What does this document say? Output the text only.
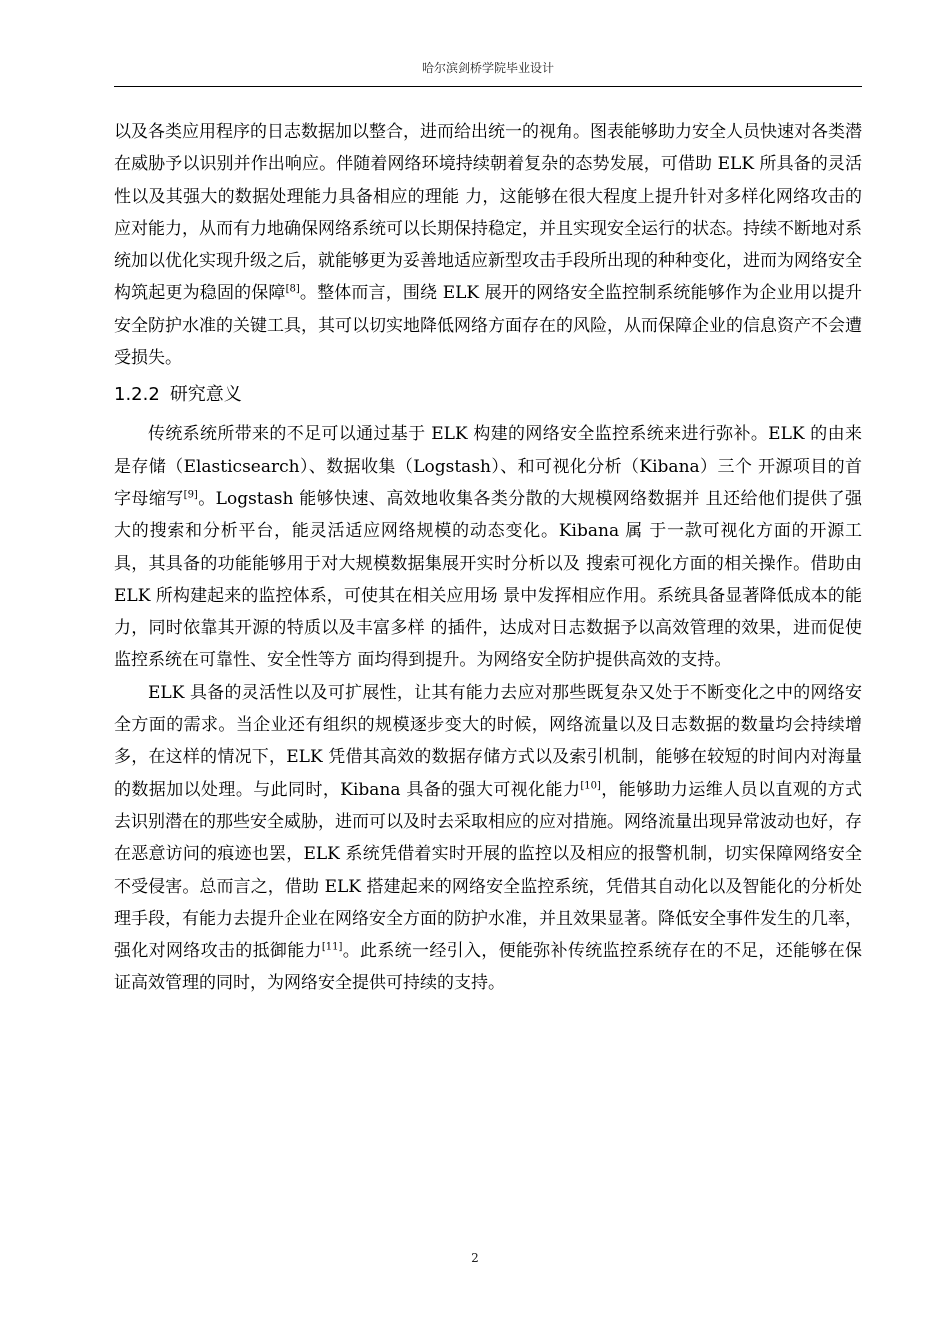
哈尔滨剑桥学院毕业设计

以及各类应用程序的日志数据加以整合，进而给出统一的视角。图表能够助力安全人员快速对各类潜在威胁予以识别并作出响应。伴随着网络环境持续朝着复杂的态势发展，可借助 ELK 所具备的灵活性以及其强大的数据处理能力具备相应的理能 力，这能够在很大程度上提升针对多样化网络攻击的应对能力，从而有力地确保网络系统可以长期保持稳定，并且实现安全运行的状态。持续不断地对系统加以优化实现升级之后，就能够更为妥善地适应新型攻击手段所出现的种种变化，进而为网络安全构筑起更为稳固的保障[8]。整体而言，围绕 ELK 展开的网络安全监控制系统能够作为企业用以提升安全防护水准的关键工具，其可以切实地降低网络方面存在的风险，从而保障企业的信息资产不会遭受损失。

1.2.2 研究意义

传统系统所带来的不足可以通过基于 ELK 构建的网络安全监控系统来进行弥补。ELK 的由来是存储（Elasticsearch）、数据收集（Logstash）、和可视化分析（Kibana）三个 开源项目的首字母缩写[9]。Logstash 能够快速、高效地收集各类分散的大规模网络数据并 且还给他们提供了强大的搜索和分析平台，能灵活适应网络规模的动态变化。Kibana 属 于一款可视化方面的开源工具，其具备的功能能够用于对大规模数据集展开实时分析以及 搜索可视化方面的相关操作。借助由 ELK 所构建起来的监控体系，可使其在相关应用场 景中发挥相应作用。系统具备显著降低成本的能力，同时依靠其开源的特质以及丰富多样 的插件，达成对日志数据予以高效管理的效果，进而促使监控系统在可靠性、安全性等方 面均得到提升。为网络安全防护提供高效的支持。

ELK 具备的灵活性以及可扩展性，让其有能力去应对那些既复杂又处于不断变化之中的网络安全方面的需求。当企业还有组织的规模逐步变大的时候，网络流量以及日志数据的数量均会持续增多，在这样的情况下，ELK 凭借其高效的数据存储方式以及索引机制，能够在较短的时间内对海量的数据加以处理。与此同时，Kibana 具备的强大可视化能力[10]，能够助力运维人员以直观的方式去识别潜在的那些安全威胁，进而可以及时去采取相应的应对措施。网络流量出现异常波动也好，存在恶意访问的痕迹也罢，ELK 系统凭借着实时开展的监控以及相应的报警机制，切实保障网络安全不受侵害。总而言之，借助 ELK 搭建起来的网络安全监控系统，凭借其自动化以及智能化的分析处理手段，有能力去提升企业在网络安全方面的防护水准，并且效果显著。降低安全事件发生的几率，强化对网络攻击的抵御能力[11]。此系统一经引入，便能弥补传统监控系统存在的不足，还能够在保证高效管理的同时，为网络安全提供可持续的支持。

2
